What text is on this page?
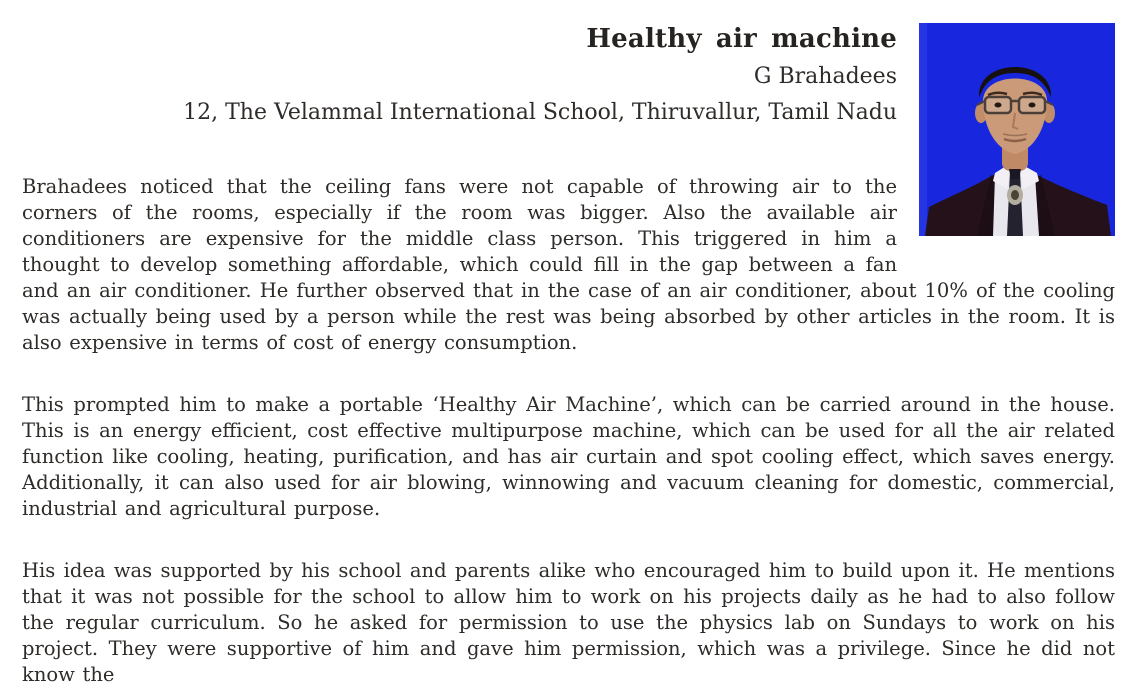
Healthy air machine
G Brahadees
12, The Velammal International School, Thiruvallur, Tamil Nadu

Brahadees noticed that the ceiling fans were not capable of throwing air to the corners of the rooms, especially if the room was bigger. Also the available air conditioners are expensive for the middle class person. This triggered in him a thought to develop something affordable, which could fill in the gap between a fan and an air conditioner. He further observed that in the case of an air conditioner, about 10% of the cooling was actually being used by a person while the rest was being absorbed by other articles in the room. It is also expensive in terms of cost of energy consumption.

This prompted him to make a portable ‘Healthy Air Machine’, which can be carried around in the house. This is an energy efficient, cost effective multipurpose machine, which can be used for all the air related function like cooling, heating, purification, and has air curtain and spot cooling effect, which saves energy. Additionally, it can also used for air blowing, winnowing and vacuum cleaning for domestic, commercial, industrial and agricultural purpose.

His idea was supported by his school and parents alike who encouraged him to build upon it. He mentions that it was not possible for the school to allow him to work on his projects daily as he had to also follow the regular curriculum. So he asked for permission to use the physics lab on Sundays to work on his project. They were supportive of him and gave him permission, which was a privilege. Since he did not know the
